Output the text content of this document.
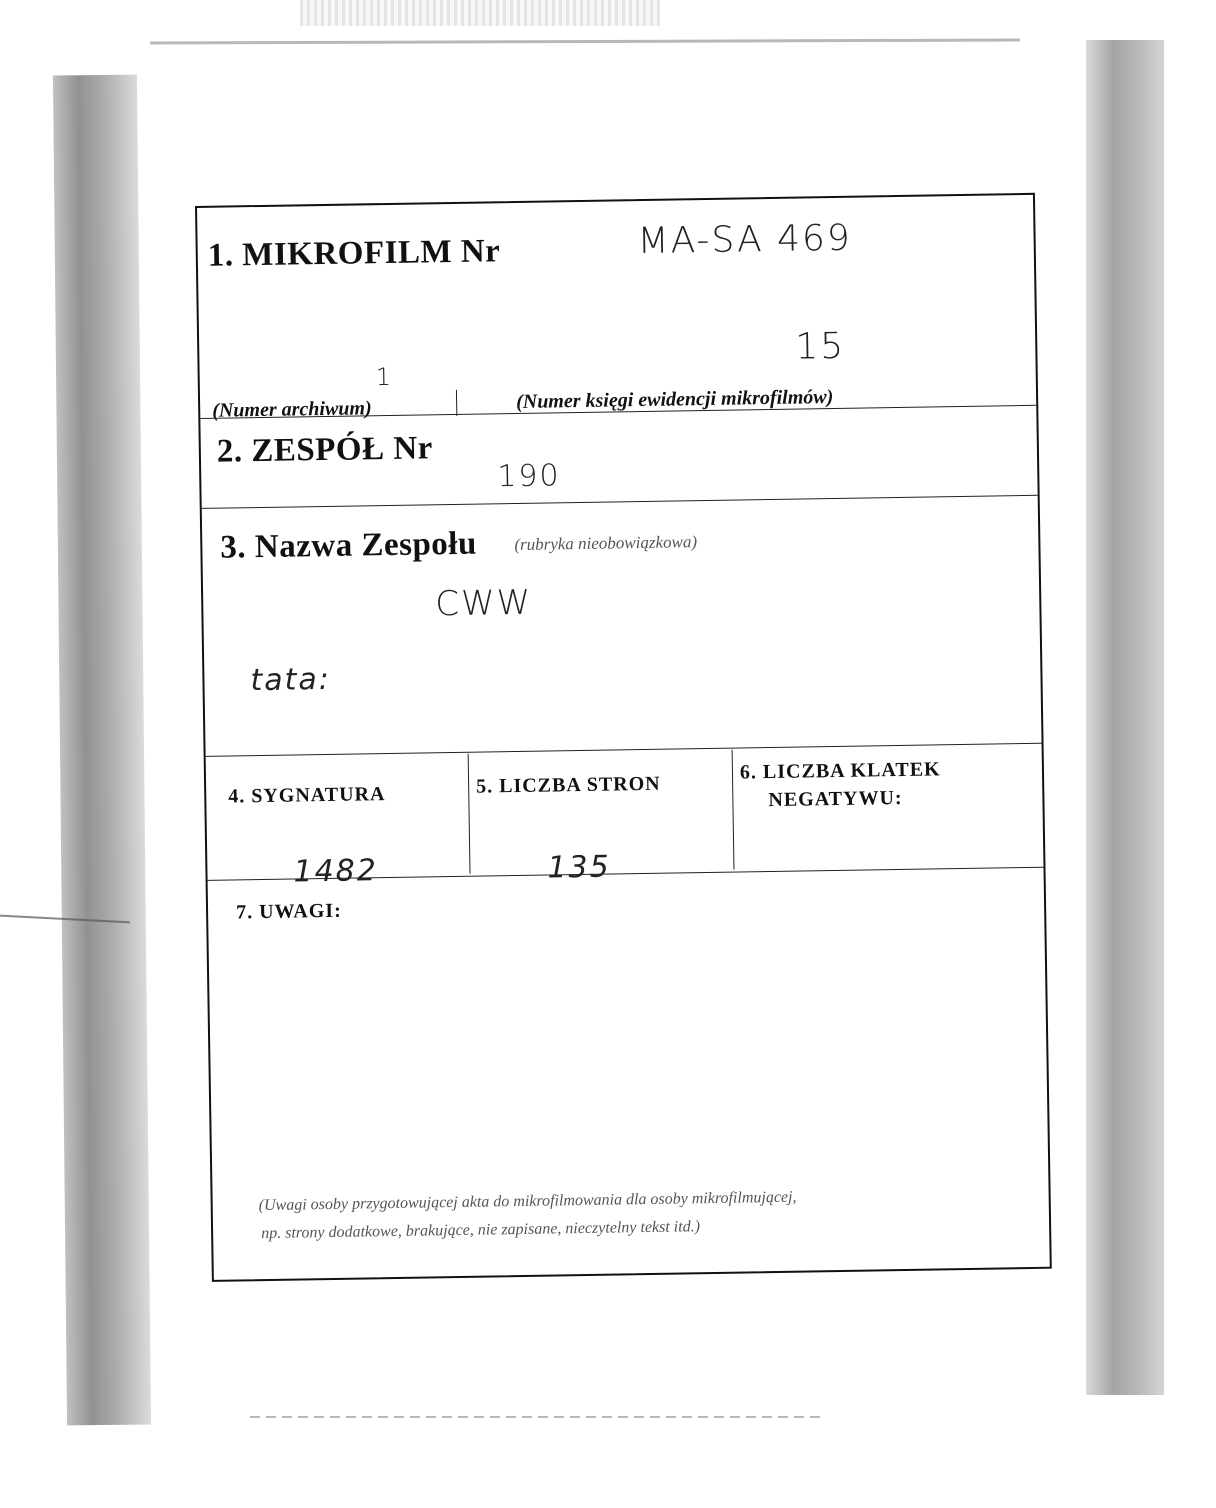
1. MIKROFILM Nr	MA-SA 469
1
15
(Numer archiwum)	(Numer księgi ewidencji mikrofilmów)
2. ZESPÓŁ Nr
190
3. Nazwa Zespołu (rubryka nieobowiązkowa)
CWW
tata:
4. SYGNATURA
1482
5. LICZBA STRON
135
6. LICZBA KLATEK
NEGATYWU:
7. UWAGI:
(Uwagi osoby przygotowującej akta do mikrofilmowania dla osoby mikrofilmującej,
np. strony dodatkowe, brakujące, nie zapisane, nieczytelny tekst itd.)
